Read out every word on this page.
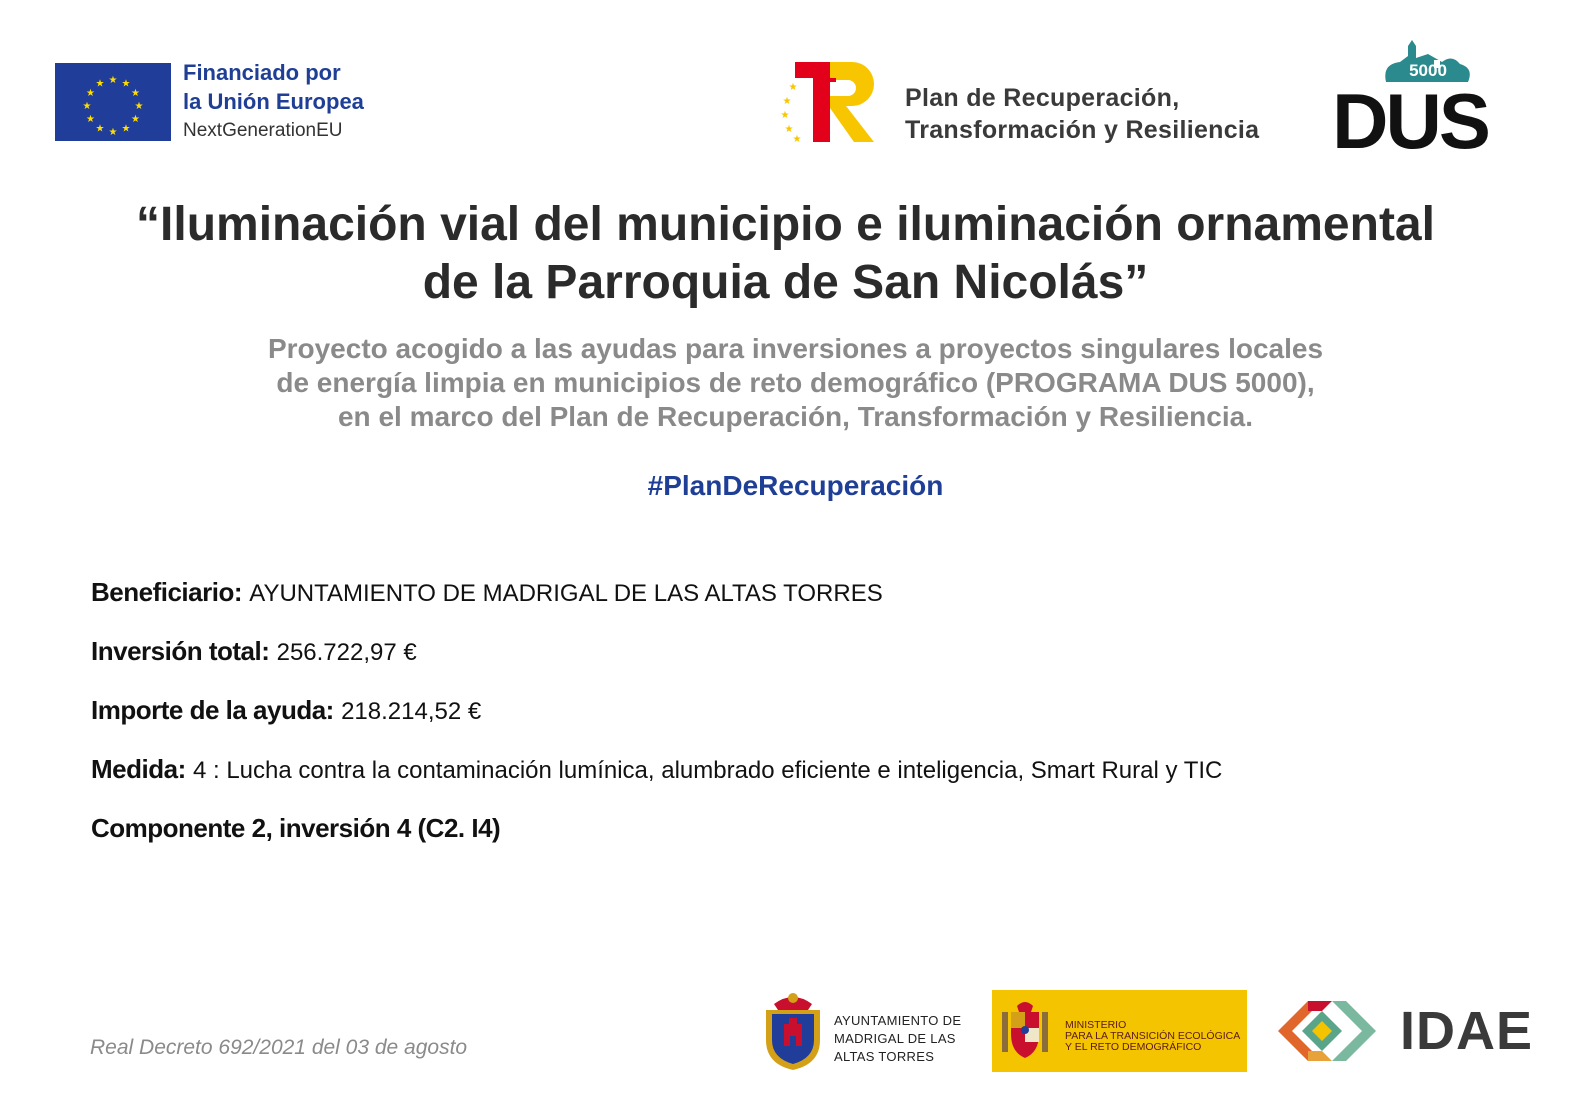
★ ★
★
★
★
★
★
★
★
★
★
★	Financiado por
la Unión Europea
NextGenerationEU
★
★
★
★
★
Plan de Recuperación,
Transformación y Resiliencia
5000
DUS
“Iluminación vial del municipio e iluminación ornamental
de la Parroquia de San Nicolás”
Proyecto acogido a las ayudas para inversiones a proyectos singulares locales
de energía limpia en municipios de reto demográfico (PROGRAMA DUS 5000),
en el marco del Plan de Recuperación, Transformación y Resiliencia.
#PlanDeRecuperación
Beneficiario: AYUNTAMIENTO DE MADRIGAL DE LAS ALTAS TORRES
Inversión total: 256.722,97 €
Importe de la ayuda: 218.214,52 €
Medida: 4 : Lucha contra la contaminación lumínica, alumbrado eficiente e inteligencia, Smart Rural y TIC
Componente 2, inversión 4 (C2. I4)
Real Decreto 692/2021 del 03 de agosto
AYUNTAMIENTO DE
MADRIGAL DE LAS
ALTAS TORRES
MINISTERIO
PARA LA TRANSICIÓN ECOLÓGICA
Y EL RETO DEMOGRÁFICO	IDAE
